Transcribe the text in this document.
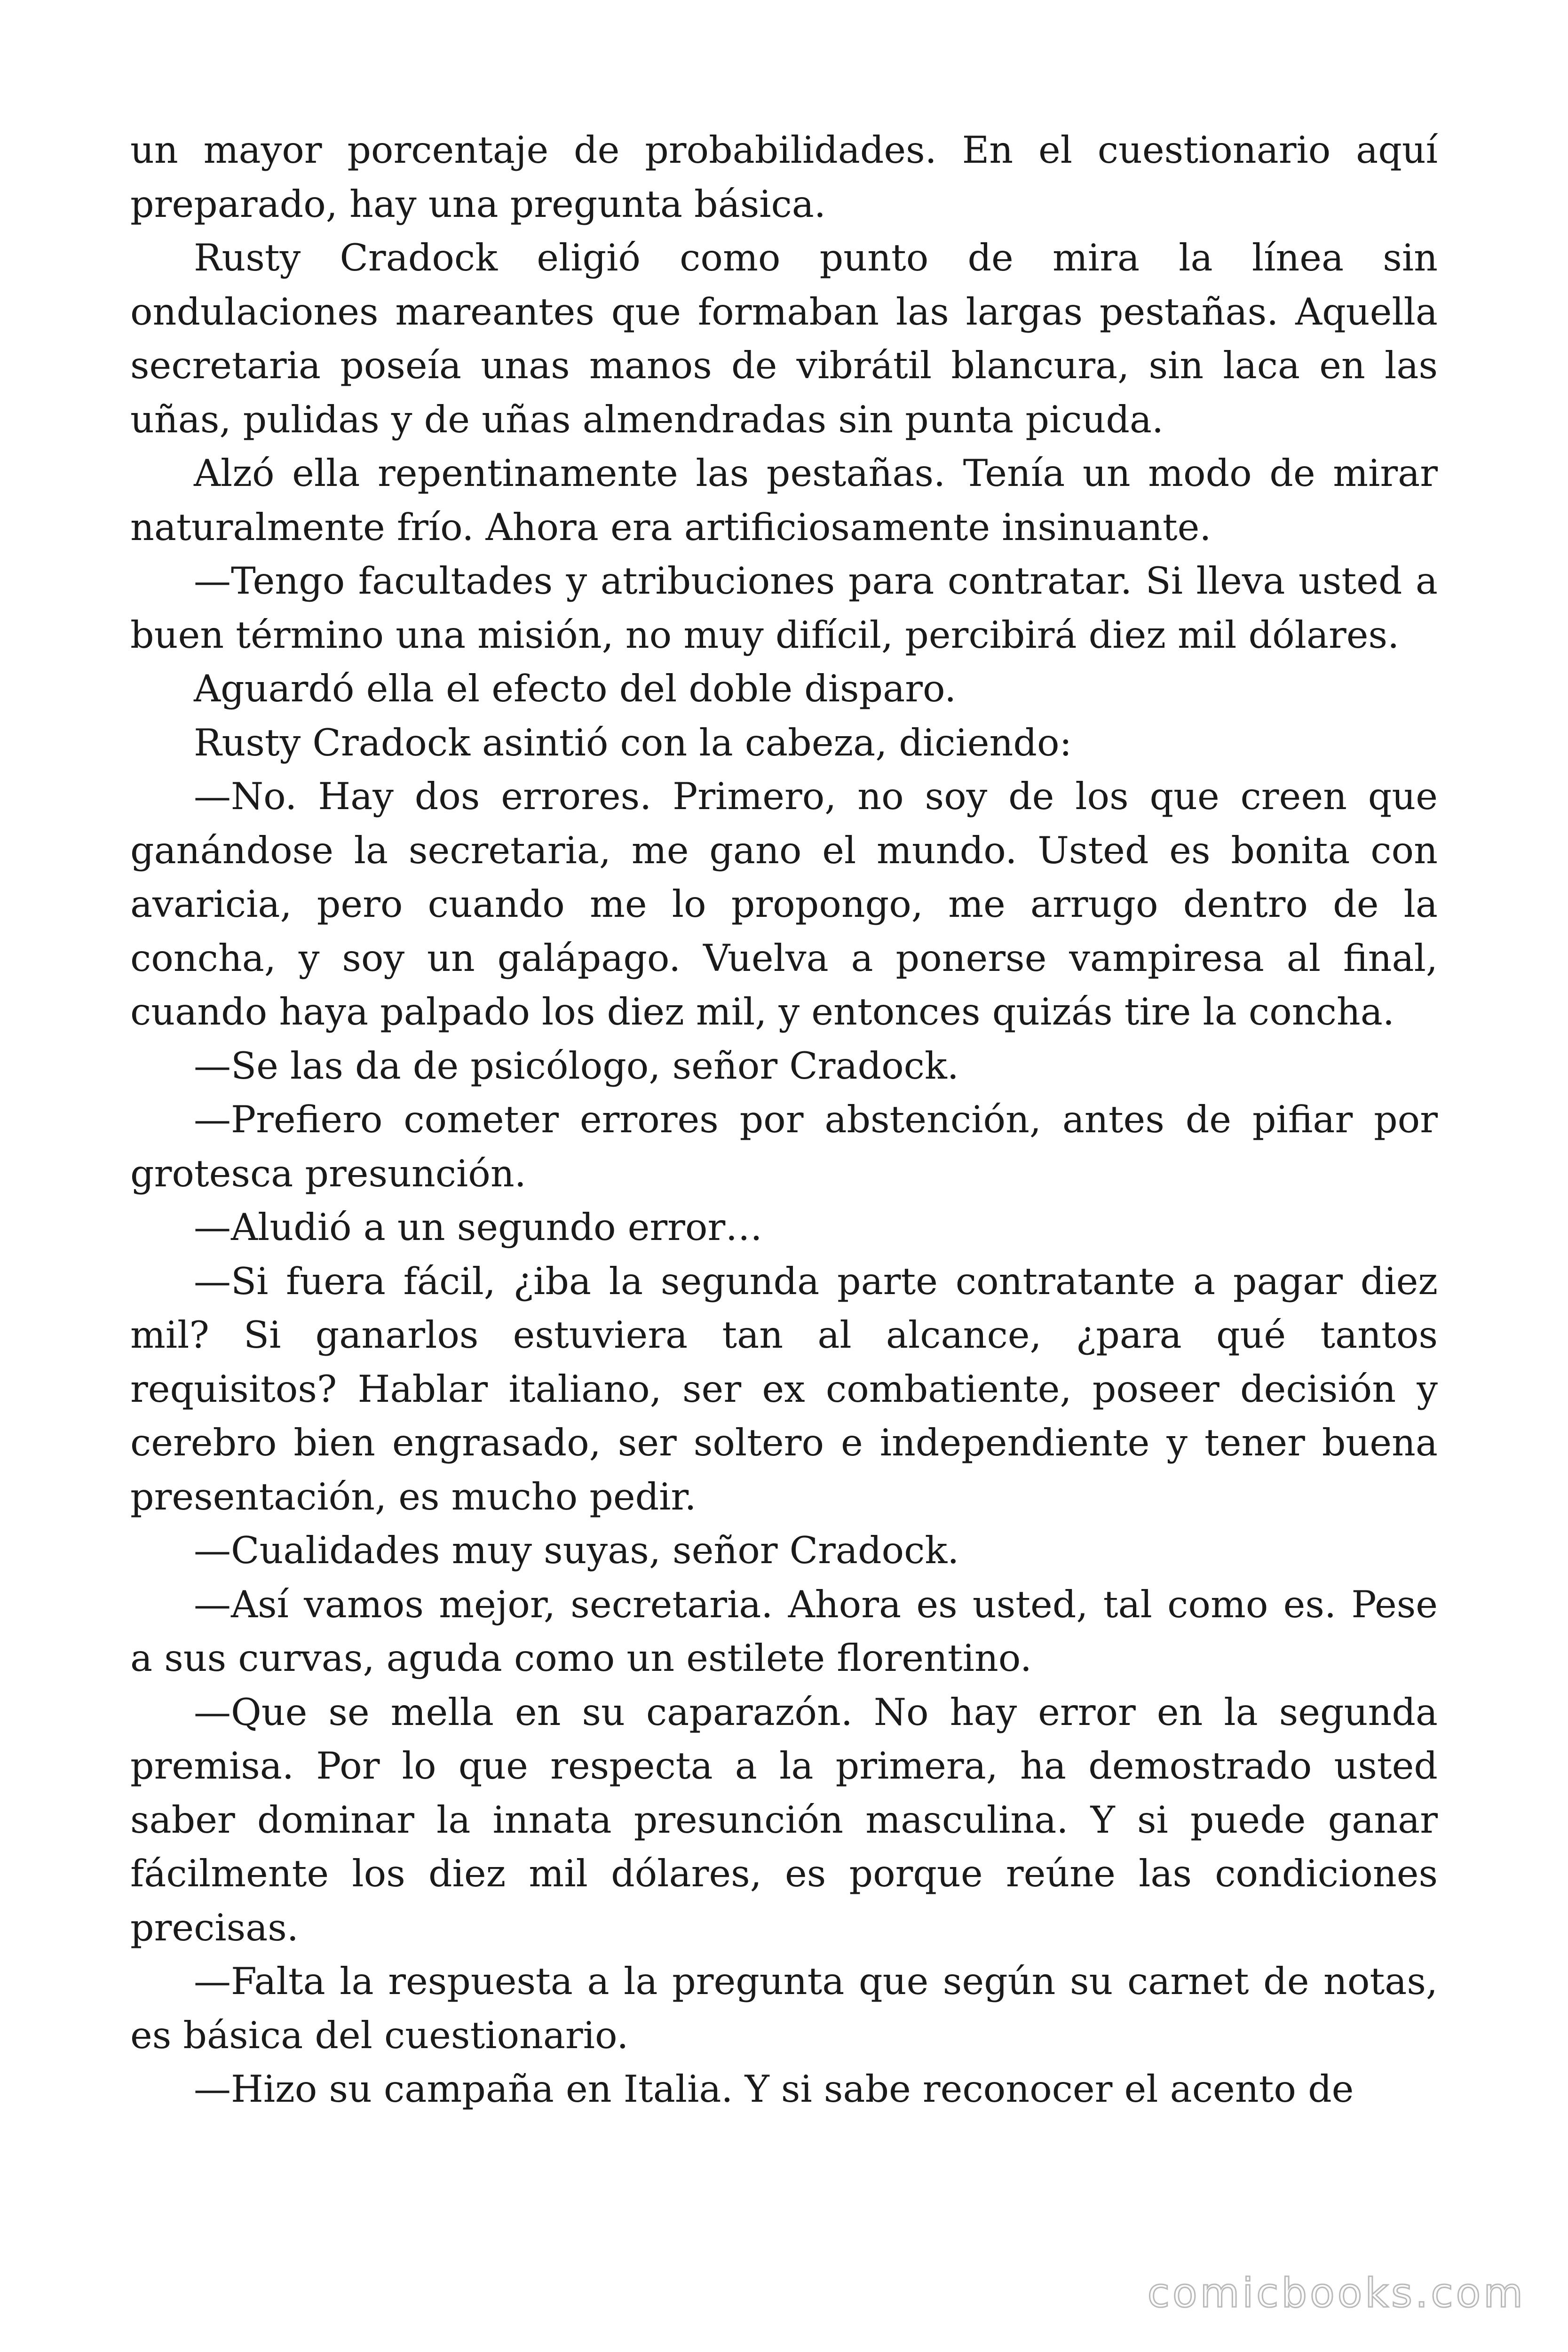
un mayor porcentaje de probabilidades. En el cuestionario aquí preparado, hay una pregunta básica.

Rusty Cradock eligió como punto de mira la línea sin ondulaciones mareantes que formaban las largas pestañas. Aquella secretaria poseía unas manos de vibrátil blancura, sin laca en las uñas, pulidas y de uñas almendradas sin punta picuda.

Alzó ella repentinamente las pestañas. Tenía un modo de mirar naturalmente frío. Ahora era artificiosamente insinuante.

—Tengo facultades y atribuciones para contratar. Si lleva usted a buen término una misión, no muy difícil, percibirá diez mil dólares.

Aguardó ella el efecto del doble disparo.

Rusty Cradock asintió con la cabeza, diciendo:

—No. Hay dos errores. Primero, no soy de los que creen que ganándose la secretaria, me gano el mundo. Usted es bonita con avaricia, pero cuando me lo propongo, me arrugo dentro de la concha, y soy un galápago. Vuelva a ponerse vampiresa al final, cuando haya palpado los diez mil, y entonces quizás tire la concha.

—Se las da de psicólogo, señor Cradock.

—Prefiero cometer errores por abstención, antes de pifiar por grotesca presunción.

—Aludió a un segundo error…

—Si fuera fácil, ¿iba la segunda parte contratante a pagar diez mil? Si ganarlos estuviera tan al alcance, ¿para qué tantos requisitos? Hablar italiano, ser ex combatiente, poseer decisión y cerebro bien engrasado, ser soltero e independiente y tener buena presentación, es mucho pedir.

—Cualidades muy suyas, señor Cradock.

—Así vamos mejor, secretaria. Ahora es usted, tal como es. Pese a sus curvas, aguda como un estilete florentino.

—Que se mella en su caparazón. No hay error en la segunda premisa. Por lo que respecta a la primera, ha demostrado usted saber dominar la innata presunción masculina. Y si puede ganar fácilmente los diez mil dólares, es porque reúne las condiciones precisas.

—Falta la respuesta a la pregunta que según su carnet de notas, es básica del cuestionario.

—Hizo su campaña en Italia. Y si sabe reconocer el acento de

comicbooks.com
